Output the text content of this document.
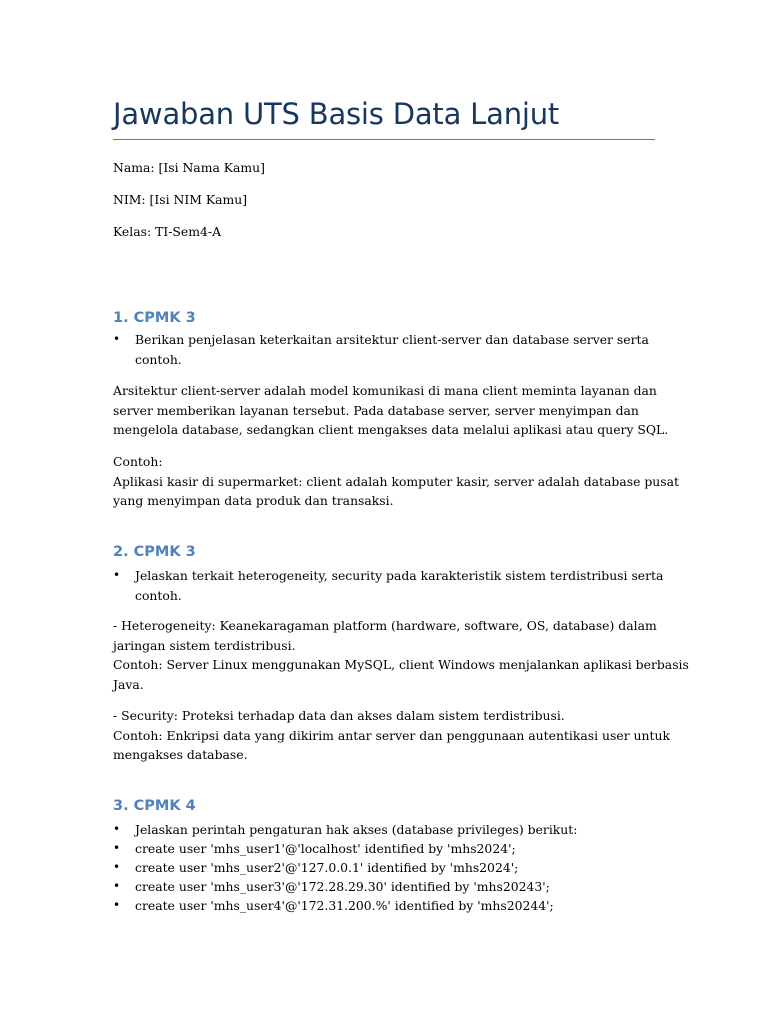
Jawaban UTS Basis Data Lanjut
Nama: [Isi Nama Kamu]
NIM: [Isi NIM Kamu]
Kelas: TI-Sem4-A
1. CPMK 3
•	Berikan penjelasan keterkaitan arsitektur client-server dan database server serta
contoh.
Arsitektur client-server adalah model komunikasi di mana client meminta layanan dan
server memberikan layanan tersebut. Pada database server, server menyimpan dan
mengelola database, sedangkan client mengakses data melalui aplikasi atau query SQL.
Contoh:
Aplikasi kasir di supermarket: client adalah komputer kasir, server adalah database pusat
yang menyimpan data produk dan transaksi.
2. CPMK 3
•	Jelaskan terkait heterogeneity, security pada karakteristik sistem terdistribusi serta
contoh.
- Heterogeneity: Keanekaragaman platform (hardware, software, OS, database) dalam
jaringan sistem terdistribusi.
Contoh: Server Linux menggunakan MySQL, client Windows menjalankan aplikasi berbasis
Java.
- Security: Proteksi terhadap data dan akses dalam sistem terdistribusi.
Contoh: Enkripsi data yang dikirim antar server dan penggunaan autentikasi user untuk
mengakses database.
3. CPMK 4
•	Jelaskan perintah pengaturan hak akses (database privileges) berikut:
•	create user 'mhs_user1'@'localhost' identified by 'mhs2024';
•	create user 'mhs_user2'@'127.0.0.1' identified by 'mhs2024';
•	create user 'mhs_user3'@'172.28.29.30' identified by 'mhs20243';
•	create user 'mhs_user4'@'172.31.200.%' identified by 'mhs20244';
